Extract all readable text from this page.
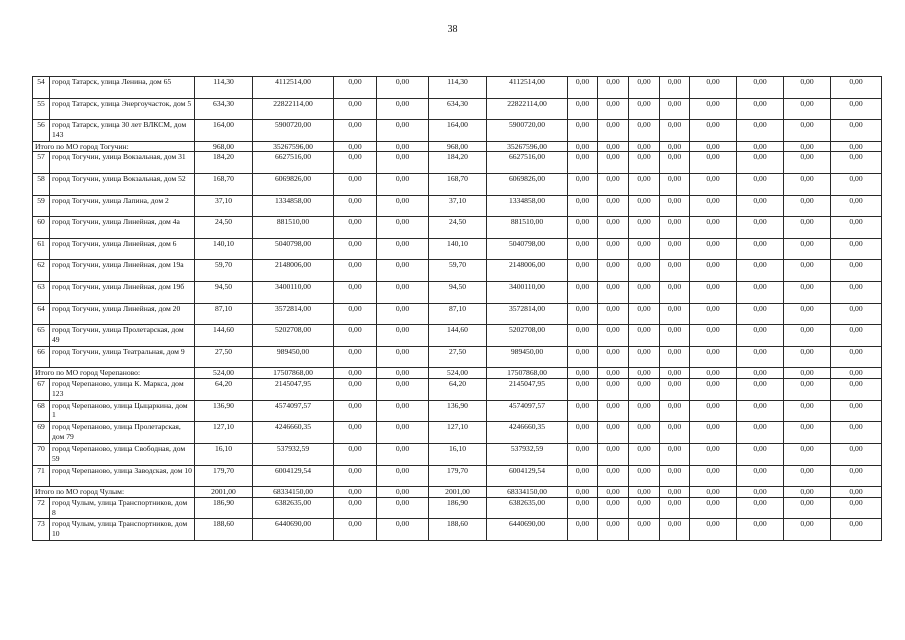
38
54	город Татарск, улица Ленина, дом 65	114,30	4112514,00	0,00	0,00	114,30	4112514,00	0,00	0,00	0,00	0,00	0,00	0,00	0,00	0,00
55	город Татарск, улица Энергоучасток, дом 5	634,30	22822114,00	0,00	0,00	634,30	22822114,00	0,00	0,00	0,00	0,00	0,00	0,00	0,00	0,00
56	город Татарск, улица 30 лет ВЛКСМ, дом 143	164,00	5900720,00	0,00	0,00	164,00	5900720,00	0,00	0,00	0,00	0,00	0,00	0,00	0,00	0,00
Итого по МО город Тогучин:		968,00	35267596,00	0,00	0,00	968,00	35267596,00	0,00	0,00	0,00	0,00	0,00	0,00	0,00	0,00
57	город Тогучин, улица Вокзальная, дом 31	184,20	6627516,00	0,00	0,00	184,20	6627516,00	0,00	0,00	0,00	0,00	0,00	0,00	0,00	0,00
58	город Тогучин, улица Вокзальная, дом 52	168,70	6069826,00	0,00	0,00	168,70	6069826,00	0,00	0,00	0,00	0,00	0,00	0,00	0,00	0,00
59	город Тогучин, улица Лапина, дом 2	37,10	1334858,00	0,00	0,00	37,10	1334858,00	0,00	0,00	0,00	0,00	0,00	0,00	0,00	0,00
60	город Тогучин, улица Линейная, дом 4а	24,50	881510,00	0,00	0,00	24,50	881510,00	0,00	0,00	0,00	0,00	0,00	0,00	0,00	0,00
61	город Тогучин, улица Линейная, дом 6	140,10	5040798,00	0,00	0,00	140,10	5040798,00	0,00	0,00	0,00	0,00	0,00	0,00	0,00	0,00
62	город Тогучин, улица Линейная, дом 19а	59,70	2148006,00	0,00	0,00	59,70	2148006,00	0,00	0,00	0,00	0,00	0,00	0,00	0,00	0,00
63	город Тогучин, улица Линейная, дом 19б	94,50	3400110,00	0,00	0,00	94,50	3400110,00	0,00	0,00	0,00	0,00	0,00	0,00	0,00	0,00
64	город Тогучин, улица Линейная, дом 20	87,10	3572814,00	0,00	0,00	87,10	3572814,00	0,00	0,00	0,00	0,00	0,00	0,00	0,00	0,00
65	город Тогучин, улица Пролетарская, дом 49	144,60	5202708,00	0,00	0,00	144,60	5202708,00	0,00	0,00	0,00	0,00	0,00	0,00	0,00	0,00
66	город Тогучин, улица Театральная, дом 9	27,50	989450,00	0,00	0,00	27,50	989450,00	0,00	0,00	0,00	0,00	0,00	0,00	0,00	0,00
Итого по МО город Черепаново:		524,00	17507868,00	0,00	0,00	524,00	17507868,00	0,00	0,00	0,00	0,00	0,00	0,00	0,00	0,00
67	город Черепаново, улица К. Маркса, дом 123	64,20	2145047,95	0,00	0,00	64,20	2145047,95	0,00	0,00	0,00	0,00	0,00	0,00	0,00	0,00
68	город Черепаново, улица Цыцаркина, дом 1	136,90	4574097,57	0,00	0,00	136,90	4574097,57	0,00	0,00	0,00	0,00	0,00	0,00	0,00	0,00
69	город Черепаново, улица Пролетарская, дом 79	127,10	4246660,35	0,00	0,00	127,10	4246660,35	0,00	0,00	0,00	0,00	0,00	0,00	0,00	0,00
70	город Черепаново, улица Свободная, дом 59	16,10	537932,59	0,00	0,00	16,10	537932,59	0,00	0,00	0,00	0,00	0,00	0,00	0,00	0,00
71	город Черепаново, улица Заводская, дом 10	179,70	6004129,54	0,00	0,00	179,70	6004129,54	0,00	0,00	0,00	0,00	0,00	0,00	0,00	0,00
Итого по МО город Чулым:		2001,00	68334150,00	0,00	0,00	2001,00	68334150,00	0,00	0,00	0,00	0,00	0,00	0,00	0,00	0,00
72	город Чулым, улица Транспортников, дом 8	186,90	6382635,00	0,00	0,00	186,90	6382635,00	0,00	0,00	0,00	0,00	0,00	0,00	0,00	0,00
73	город Чулым, улица Транспортников, дом 10	188,60	6440690,00	0,00	0,00	188,60	6440690,00	0,00	0,00	0,00	0,00	0,00	0,00	0,00	0,00
